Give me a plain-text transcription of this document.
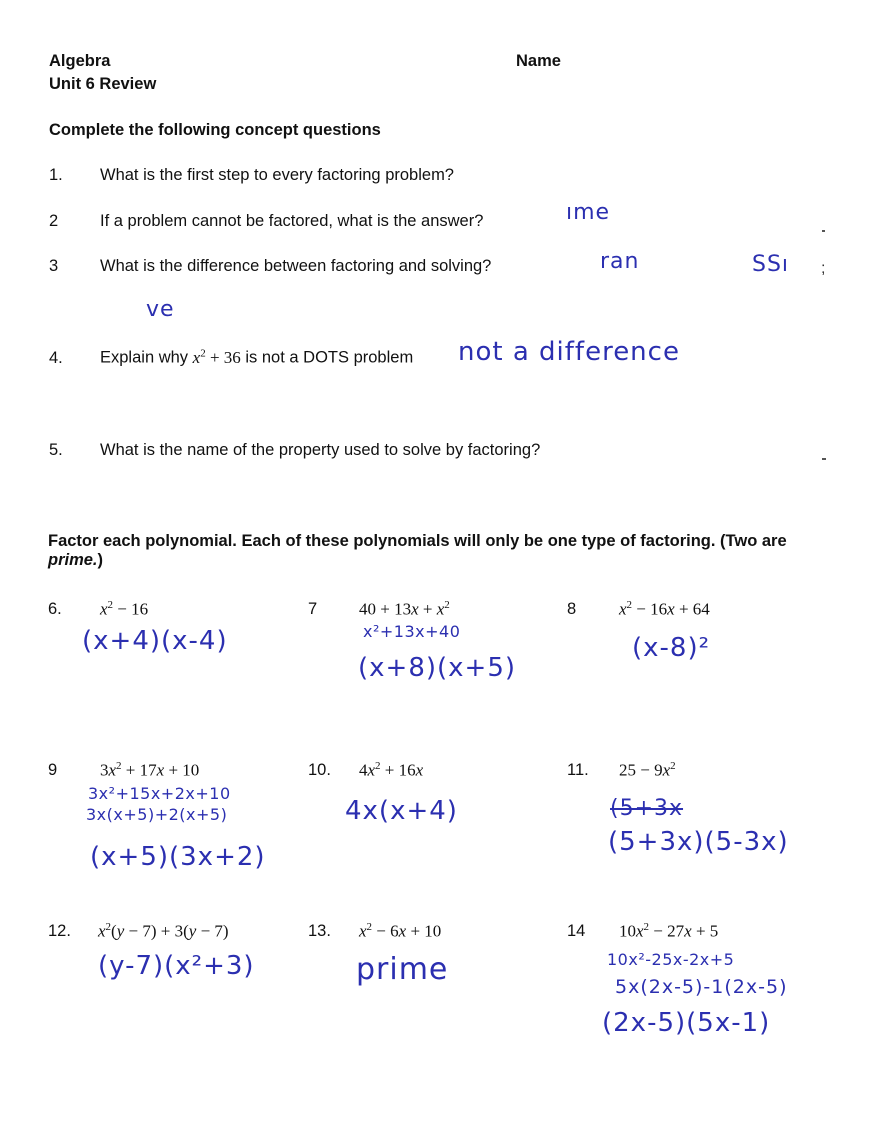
Algebra
Unit 6 Review
Name
Complete the following concept questions
1. What is the first step to every factoring problem?
2	If a problem cannot be factored, what is the answer?	ıme
3	What is the difference between factoring and solving?	ran	SSı
ve
4. Explain why $x^2 + 36$ is not a DOTS problem not a difference
5. What is the name of the property used to solve by factoring?
Factor each polynomial. Each of these polynomials will only be one type of factoring. (Two are
prime.)
6. $x^2 - 16$
(x+4)(x-4)
7 $40 + 13x + x^2$
x²+13x+40
(x+8)(x+5)
8	$x^2 - 16x + 64$
(x-8)²
9	$3x^2 + 17x + 10$
3x²+15x+2x+10
3x(x+5)+2(x+5)
(x+5)(3x+2)
10. $4x^2 + 16x$
4x(x+4)
11. $25 - 9x^2$
(5+3x
(5+3x)(5-3x)
12. $x^2(y - 7) + 3(y - 7)$
(y-7)(x²+3)
13. $x^2 - 6x + 10$
prime
14 $10x^2 - 27x + 5$
10x²-25x-2x+5
5x(2x-5)-1(2x-5)
(2x-5)(5x-1)
;
